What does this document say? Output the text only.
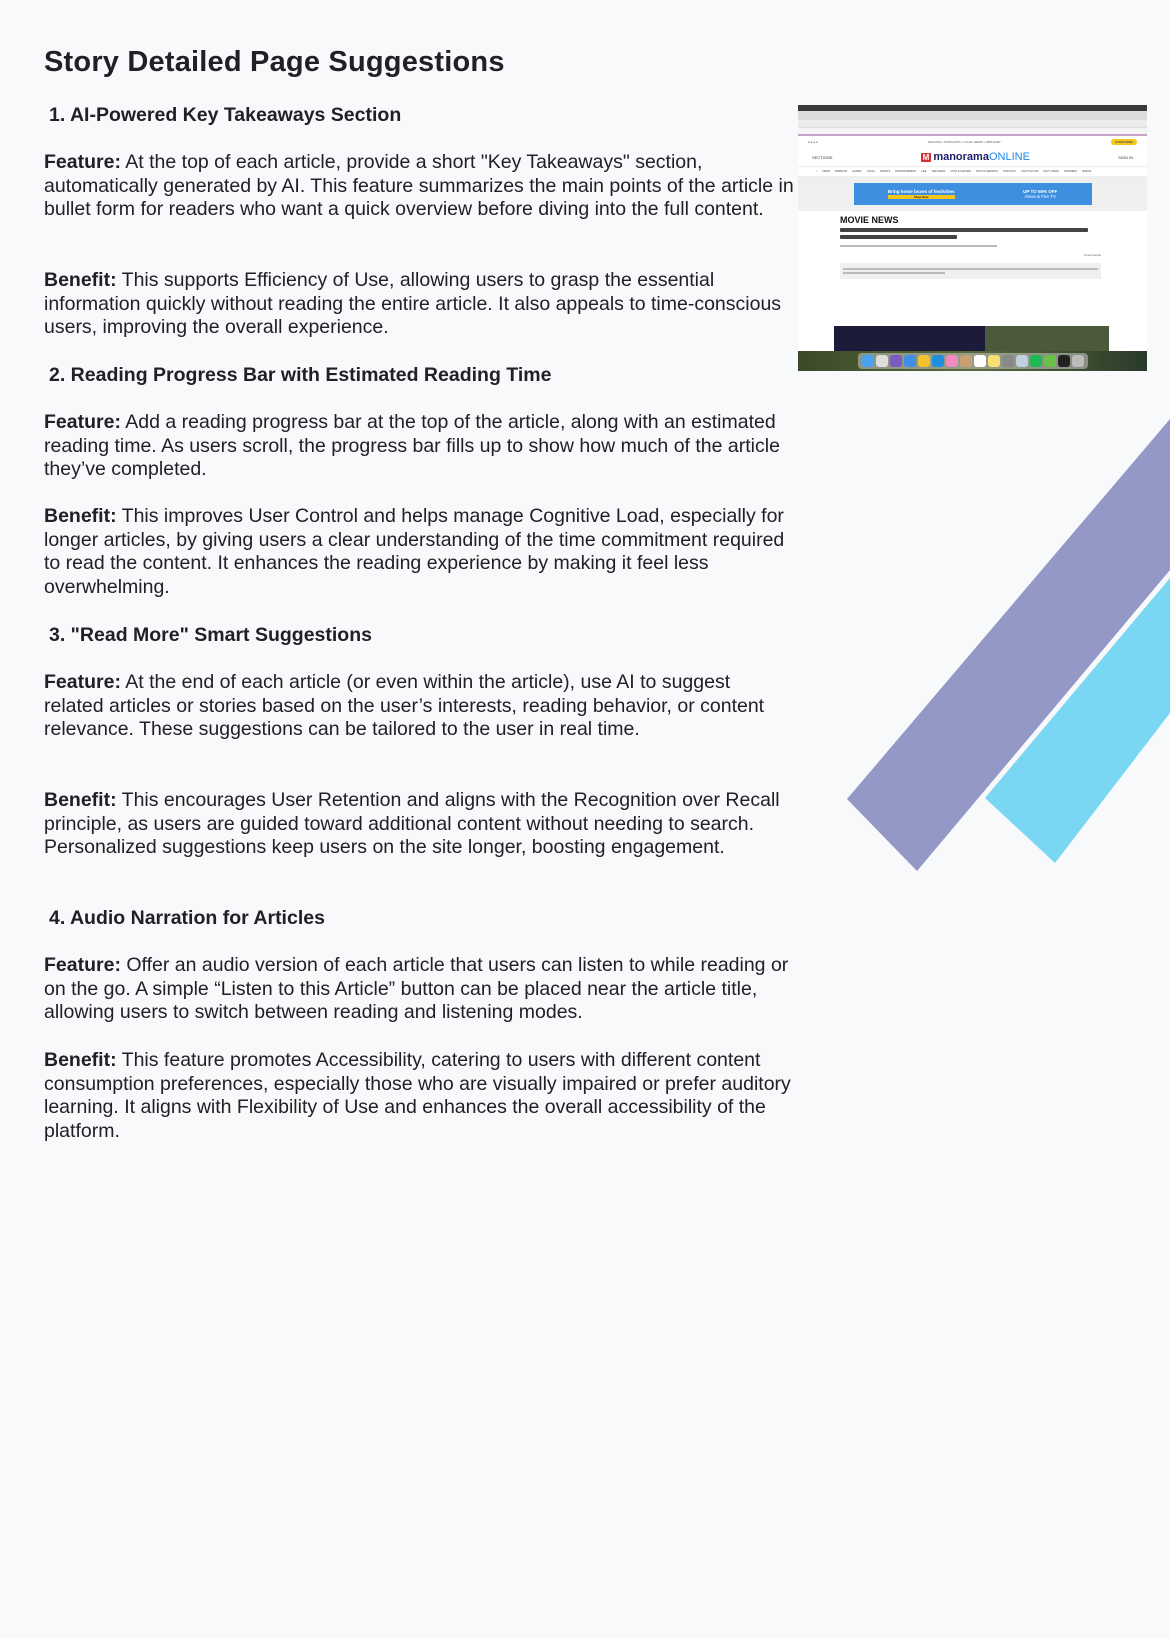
Story Detailed Page Suggestions
1. AI-Powered Key Takeaways Section

Feature: At the top of each article, provide a short "Key Takeaways" section, automatically generated by AI. This feature summarizes the main points of the article in bullet form for readers who want a quick overview before diving into the full content.

Benefit: This supports Efficiency of Use, allowing users to grasp the essential information quickly without reading the entire article. It also appeals to time-conscious users, improving the overall experience.

2. Reading Progress Bar with Estimated Reading Time

Feature: Add a reading progress bar at the top of the article, along with an estimated reading time. As users scroll, the progress bar fills up to show how much of the article they’ve completed.

Benefit: This improves User Control and helps manage Cognitive Load, especially for longer articles, by giving users a clear understanding of the time commitment required to read the content. It enhances the reading experience by making it feel less overwhelming.

3. "Read More" Smart Suggestions

Feature: At the end of each article (or even within the article), use AI to suggest related articles or stories based on the user’s interests, reading behavior, or content relevance. These suggestions can be tailored to the user in real time.

Benefit: This encourages User Retention and aligns with the Recognition over Recall principle, as users are guided toward additional content without needing to search. Personalized suggestions keep users on the site longer, boosting engagement.

4. Audio Narration for Articles

Feature: Offer an audio version of each article that users can listen to while reading or on the go. A simple “Listen to this Article” button can be placed near the article title, allowing users to switch between reading and listening modes.

Benefit: This feature promotes Accessibility, catering to users with different content consumption preferences, especially those who are visually impaired or prefer auditory learning. It aligns with Flexibility of Use and enhances the overall accessibility of the platform.

● ● ● ●	ENGLISH • PODCASTS • LOCAL NEWS • OBITUARY	SUBSCRIBE
SECTIONS	M manoramaONLINE	SIGN IN
⌂ NEWS PREMIUM GLOBAL LOCAL SPORTS ENTERTAINMENT LIFE WELLNESS AUTO & LEISURE TECH & GADGETS HOR PLUS YOUTH & KIDS FACT CHECK BUSINESS VIDEOS
Bring home boxes of festivities
Shop Now
UP TO 55% OFF
Alexa & Fire TV
MOVIE NEWS
0 Comments
